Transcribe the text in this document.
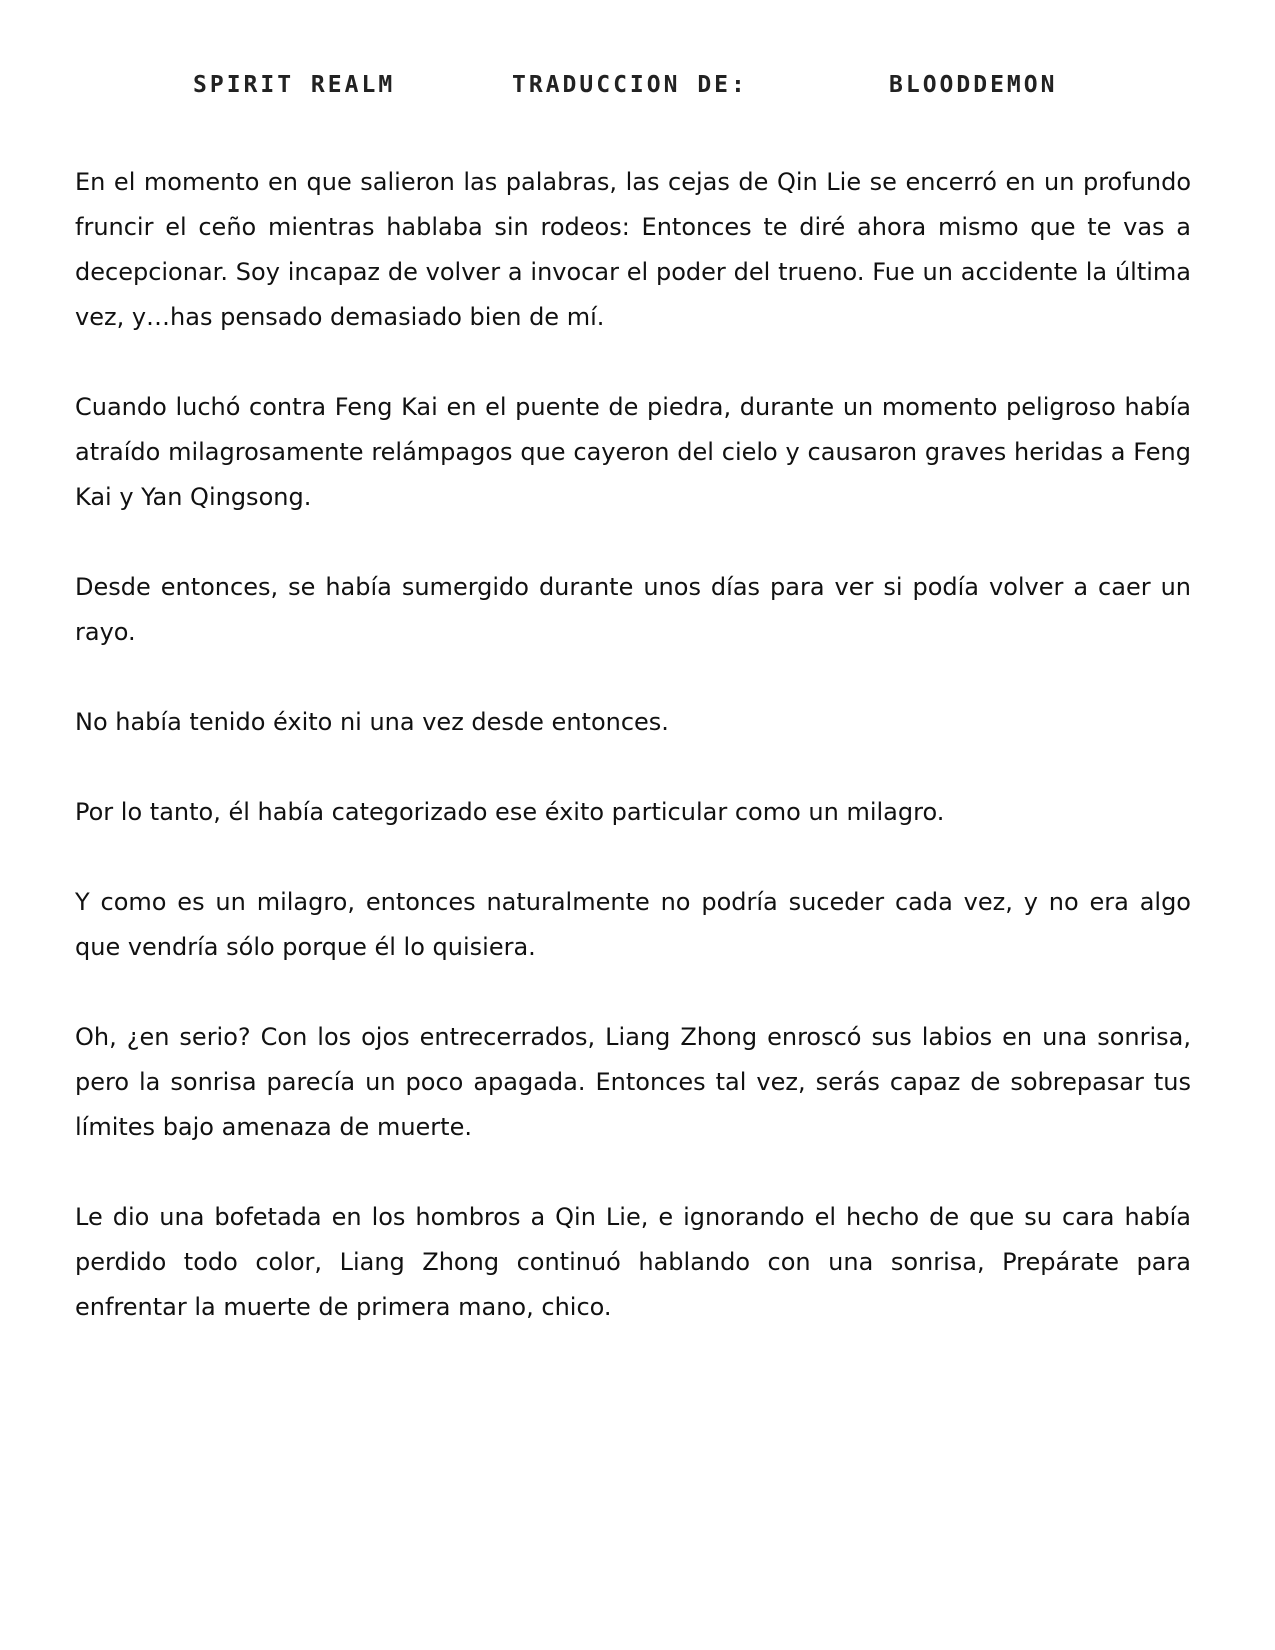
SPIRIT REALM	TRADUCCION DE:	BLOODDEMON

En el momento en que salieron las palabras, las cejas de Qin Lie se encerró en un profundo fruncir el ceño mientras hablaba sin rodeos: Entonces te diré ahora mismo que te vas a decepcionar. Soy incapaz de volver a invocar el poder del trueno. Fue un accidente la última vez, y…has pensado demasiado bien de mí.

Cuando luchó contra Feng Kai en el puente de piedra, durante un momento peligroso había atraído milagrosamente relámpagos que cayeron del cielo y causaron graves heridas a Feng Kai y Yan Qingsong.

Desde entonces, se había sumergido durante unos días para ver si podía volver a caer un rayo.

No había tenido éxito ni una vez desde entonces.

Por lo tanto, él había categorizado ese éxito particular como un milagro.

Y como es un milagro, entonces naturalmente no podría suceder cada vez, y no era algo que vendría sólo porque él lo quisiera.

Oh, ¿en serio? Con los ojos entrecerrados, Liang Zhong enroscó sus labios en una sonrisa, pero la sonrisa parecía un poco apagada. Entonces tal vez, serás capaz de sobrepasar tus límites bajo amenaza de muerte.

Le dio una bofetada en los hombros a Qin Lie, e ignorando el hecho de que su cara había perdido todo color, Liang Zhong continuó hablando con una sonrisa, Prepárate para enfrentar la muerte de primera mano, chico.
